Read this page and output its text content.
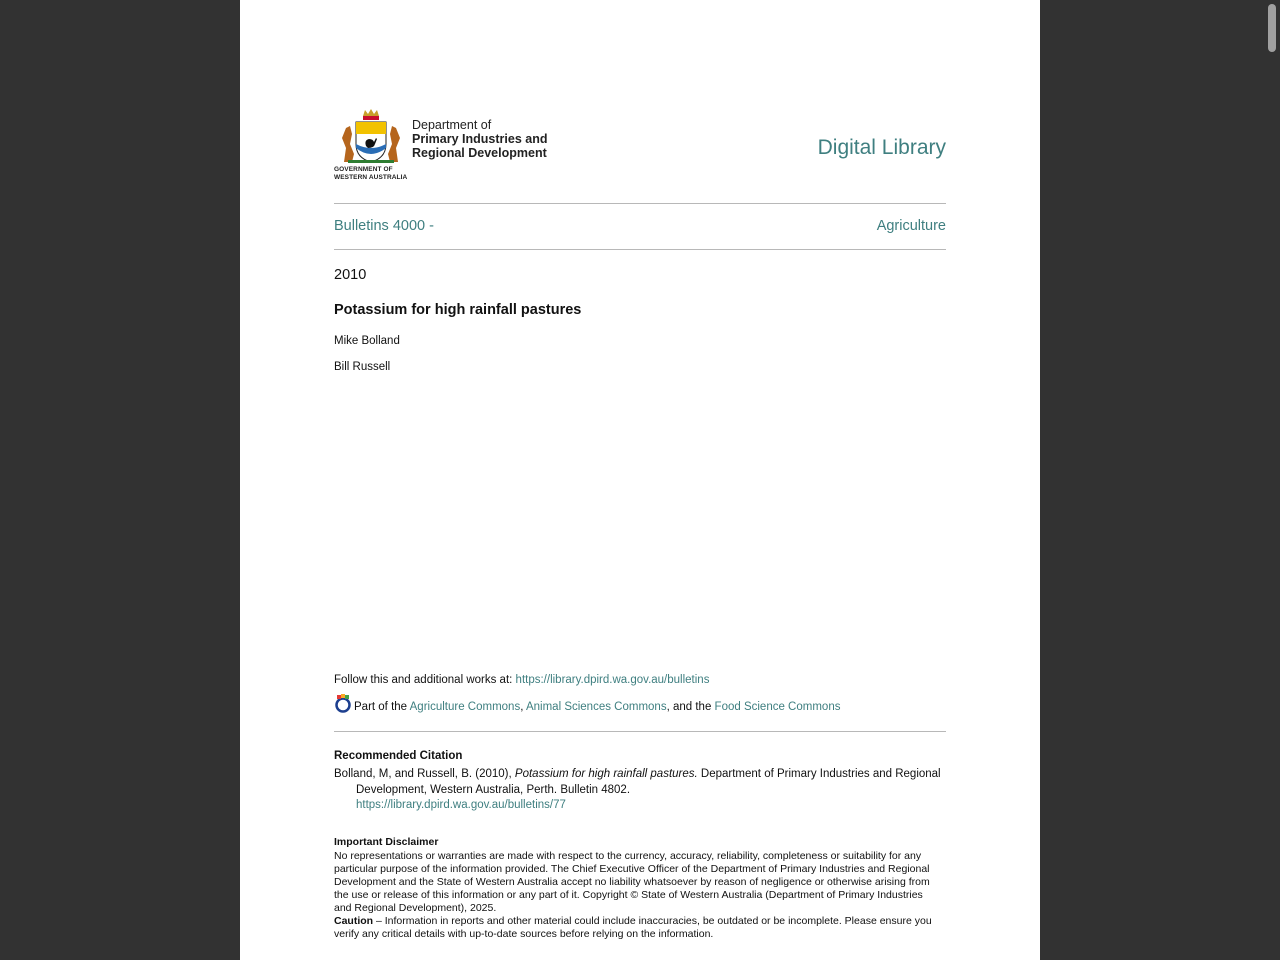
GOVERNMENT OF
WESTERN AUSTRALIA
Department of
Primary Industries and
Regional Development	Digital Library
Bulletins 4000 -	Agriculture
2010
Potassium for high rainfall pastures
Mike Bolland
Bill Russell
Follow this and additional works at: https://library.dpird.wa.gov.au/bulletins
Part of the Agriculture Commons, Animal Sciences Commons, and the Food Science Commons
Recommended Citation
Bolland, M, and Russell, B. (2010), Potassium for high rainfall pastures. Department of Primary Industries and Regional Development, Western Australia, Perth. Bulletin 4802.
https://library.dpird.wa.gov.au/bulletins/77
Important Disclaimer
No representations or warranties are made with respect to the currency, accuracy, reliability, completeness or suitability for any particular purpose of the information provided. The Chief Executive Officer of the Department of Primary Industries and Regional Development and the State of Western Australia accept no liability whatsoever by reason of negligence or otherwise arising from the use or release of this information or any part of it. Copyright © State of Western Australia (Department of Primary Industries and Regional Development), 2025.
Caution – Information in reports and other material could include inaccuracies, be outdated or be incomplete. Please ensure you verify any critical details with up-to-date sources before relying on the information.
